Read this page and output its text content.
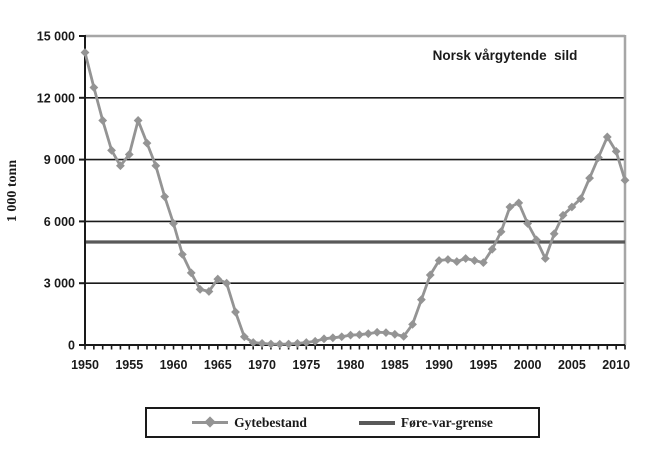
0
3 000
6 000
9 000
12 000
15 000
1950 1955 1960 1965 1970 1975 1980 1985 1990 1995 2000 2005 2010
Norsk vårgytende  sild
1 000 tonn
Gytebestand	Føre-var-grense
